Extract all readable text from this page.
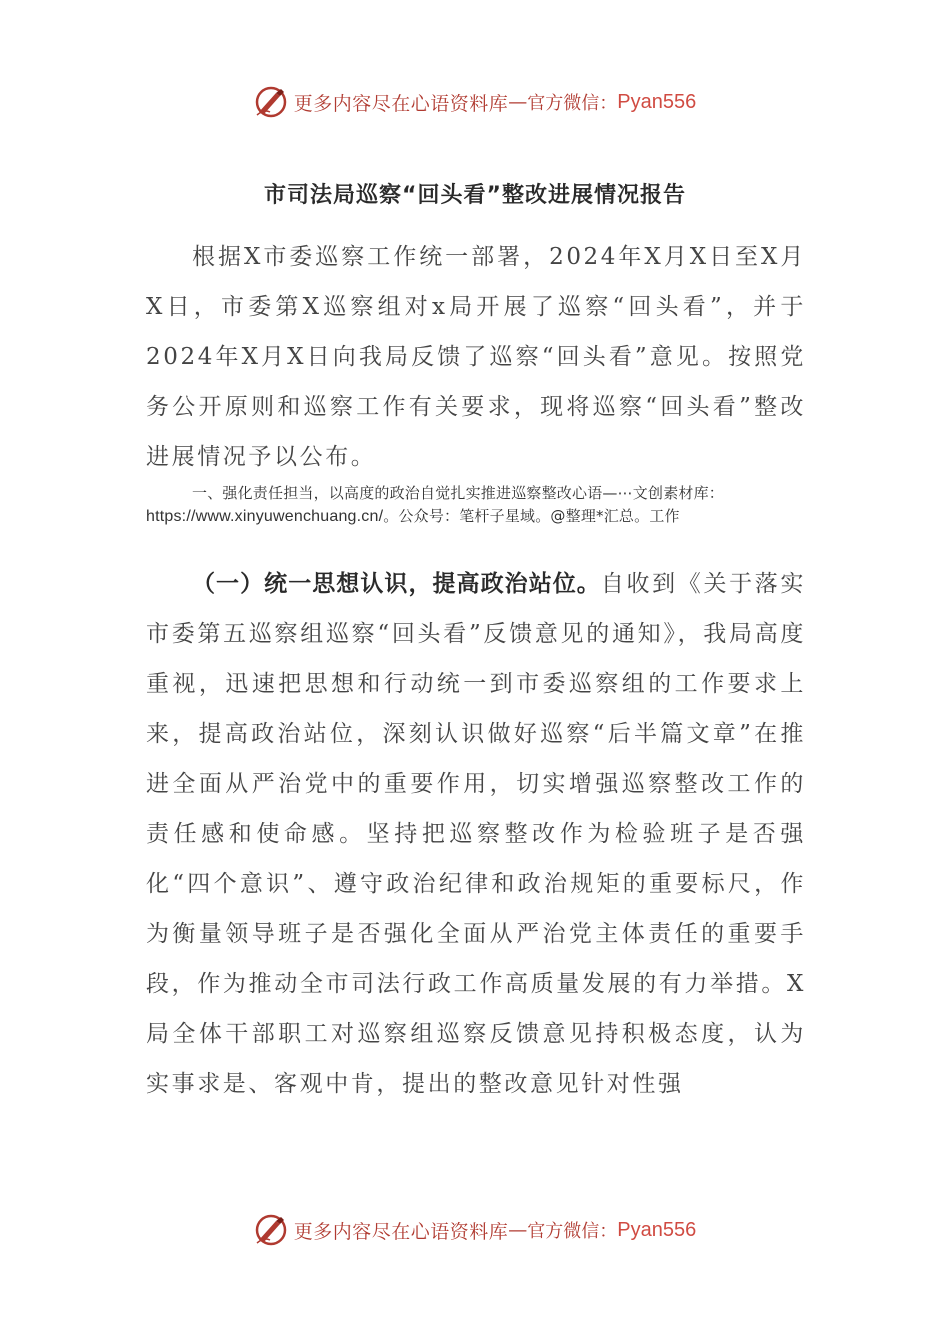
更多内容尽在心语资料库 — 官方微信： Pyan556
市司法局巡察“回头看”整改进展情况报告
根据X市委巡察工作统一部署，2024年X月X日至X月X日，市委第X巡察组对x局开展了巡察“回头看”，并于2024年X月X日向我局反馈了巡察“回头看”意见。按照党务公开原则和巡察工作有关要求，现将巡察“回头看”整改进展情况予以公布。
一、强化责任担当，以高度的政治自觉扎实推进巡察整改心语—⋯文创素材库：https://www.xinyuwenchuang.cn/。公众号：笔杆子星域。@整理*汇总。工作
（一）统一思想认识，提高政治站位。自收到《关于落实市委第五巡察组巡察“回头看”反馈意见的通知》，我局高度重视，迅速把思想和行动统一到市委巡察组的工作要求上来，提高政治站位，深刻认识做好巡察“后半篇文章”在推进全面从严治党中的重要作用，切实增强巡察整改工作的责任感和使命感。坚持把巡察整改作为检验班子是否强化“四个意识”、遵守政治纪律和政治规矩的重要标尺，作为衡量领导班子是否强化全面从严治党主体责任的重要手段，作为推动全市司法行政工作高质量发展的有力举措。X局全体干部职工对巡察组巡察反馈意见持积极态度，认为实事求是、客观中肯，提出的整改意见针对性强
更多内容尽在心语资料库 — 官方微信： Pyan556
